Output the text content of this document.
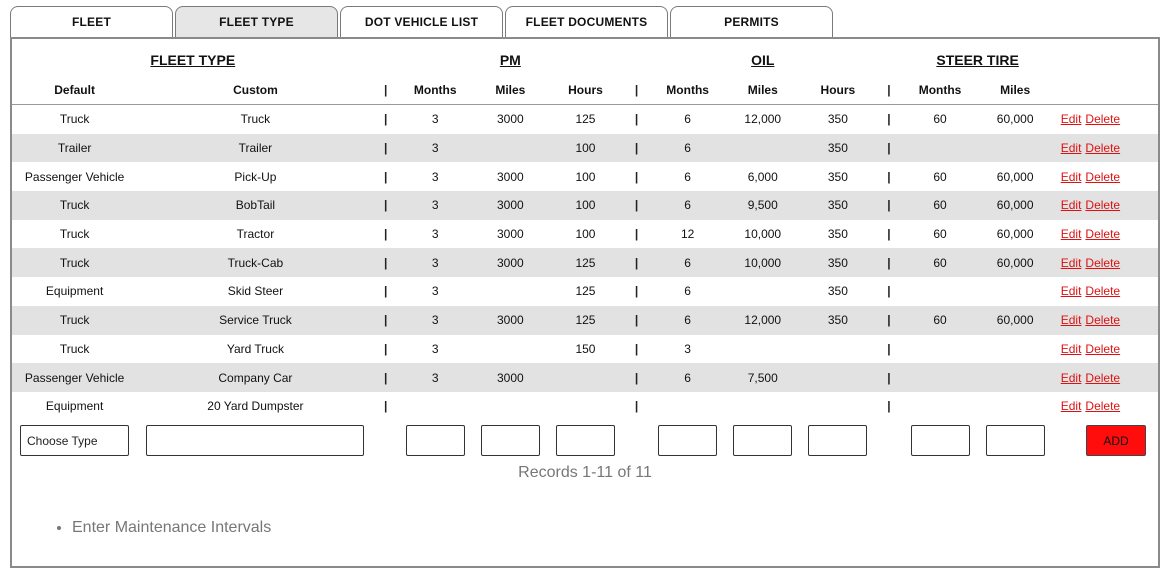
FLEET	FLEET TYPE	DOT VEHICLE LIST	FLEET DOCUMENTS	PERMITS
FLEET TYPE			PM				OIL				STEER TIRE		
Default	Custom	|	Months	Miles	Hours	|	Months	Miles	Hours	|	Months	Miles	
Truck	Truck	|	3	3000	125	|	6	12,000	350	|	60	60,000	Edit Delete
Trailer	Trailer	|	3		100	|	6		350	|			Edit Delete
Passenger Vehicle	Pick-Up	|	3	3000	100	|	6	6,000	350	|	60	60,000	Edit Delete
Truck	BobTail	|	3	3000	100	|	6	9,500	350	|	60	60,000	Edit Delete
Truck	Tractor	|	3	3000	100	|	12	10,000	350	|	60	60,000	Edit Delete
Truck	Truck-Cab	|	3	3000	125	|	6	10,000	350	|	60	60,000	Edit Delete
Equipment	Skid Steer	|	3		125	|	6		350	|			Edit Delete
Truck	Service Truck	|	3	3000	125	|	6	12,000	350	|	60	60,000	Edit Delete
Truck	Yard Truck	|	3		150	|	3			|			Edit Delete
Passenger Vehicle	Company Car	|	3	3000		|	6	7,500		|			Edit Delete
Equipment	20 Yard Dumpster	|				|				|			Edit Delete
Choose Type													ADD
Records 1-11 of 11
• Enter Maintenance Intervals
